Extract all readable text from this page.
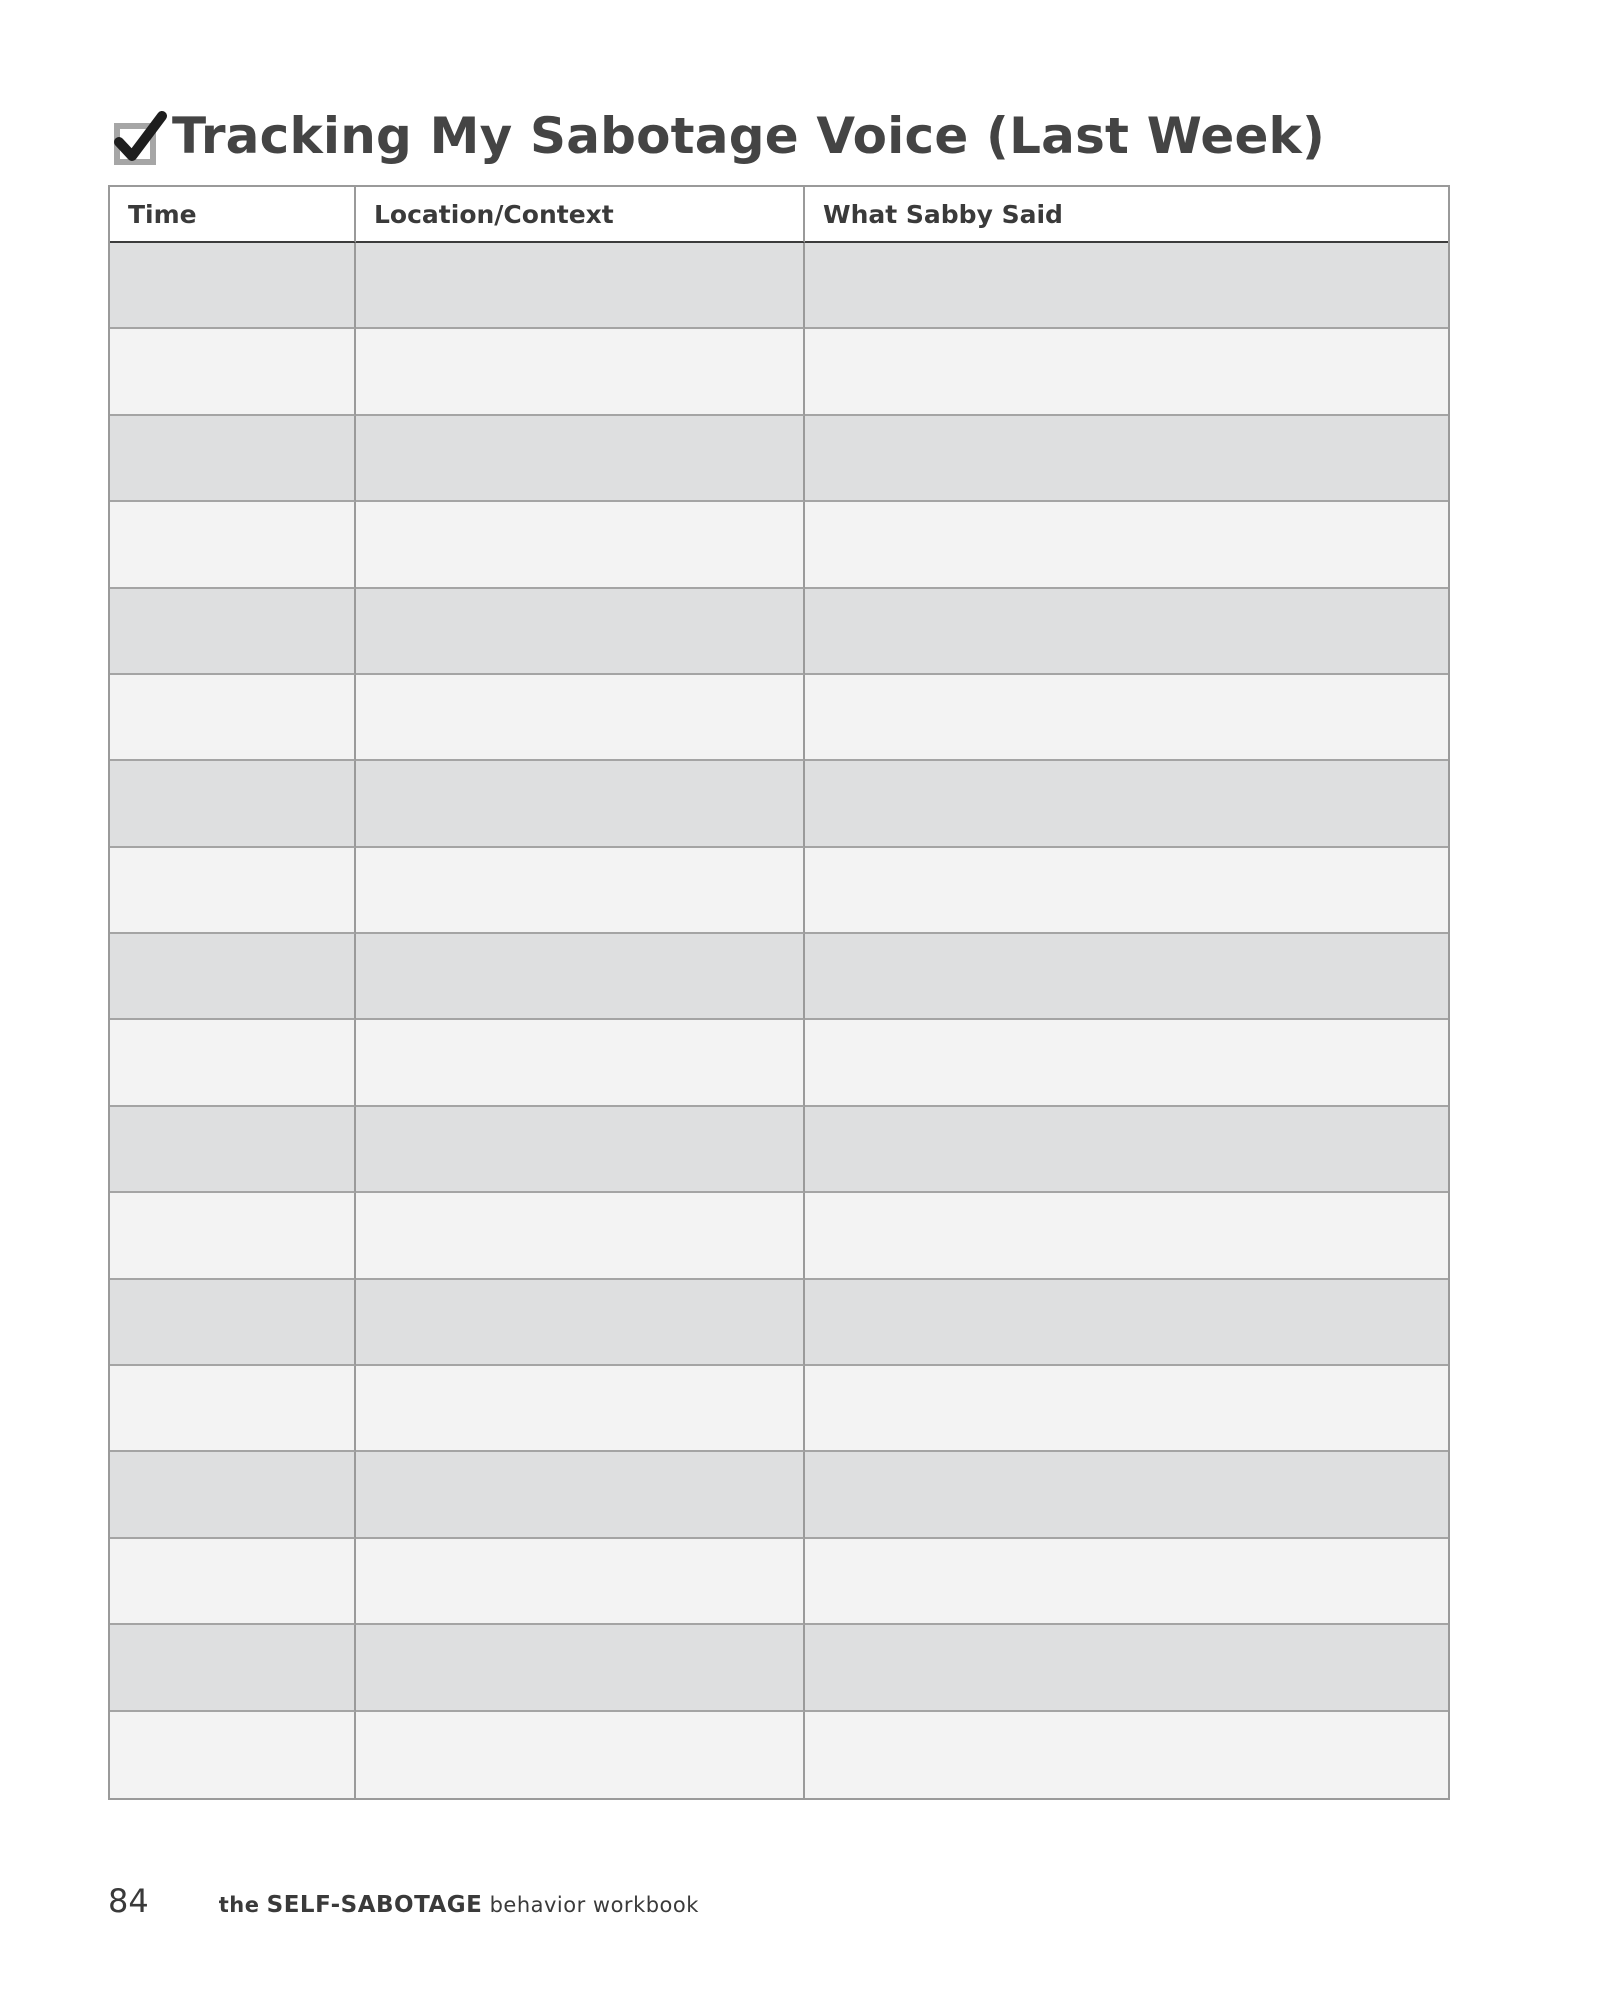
Tracking My Sabotage Voice (Last Week)
Time	Location/Context	What Sabby Said
84	the SELF-SABOTAGE behavior workbook
